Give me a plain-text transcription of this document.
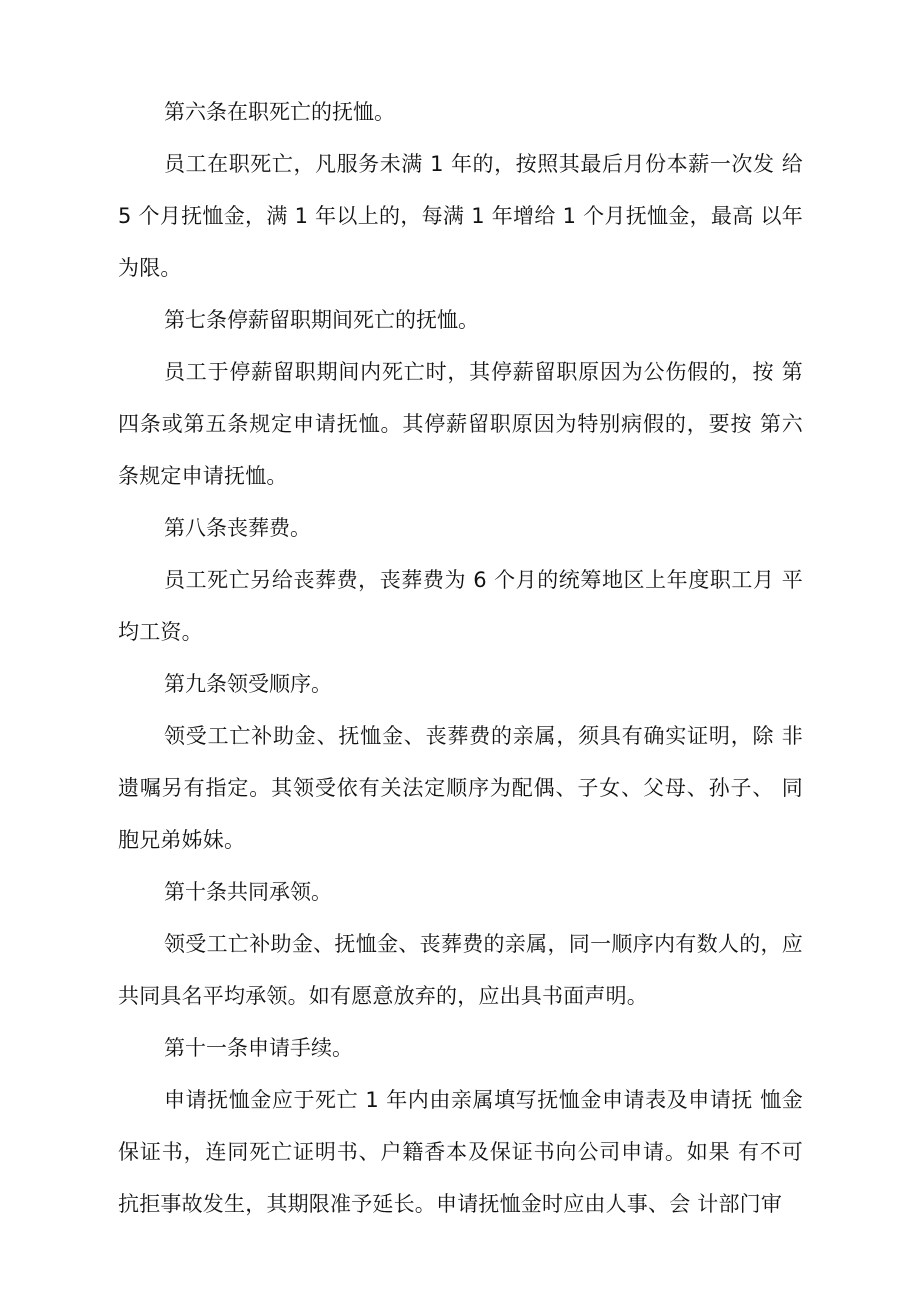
第六条在职死亡的抚恤。

员工在职死亡，凡服务未满 1 年的，按照其最后月份本薪一次发 给5 个月抚恤金，满 1 年以上的，每满 1 年增给 1 个月抚恤金，最高 以年为限。

第七条停薪留职期间死亡的抚恤。

员工于停薪留职期间内死亡时，其停薪留职原因为公伤假的，按 第四条或第五条规定申请抚恤。其停薪留职原因为特别病假的，要按 第六条规定申请抚恤。

第八条丧葬费。

员工死亡另给丧葬费，丧葬费为 6 个月的统筹地区上年度职工月 平均工资。

第九条领受顺序。

领受工亡补助金、抚恤金、丧葬费的亲属，须具有确实证明，除 非遗嘱另有指定。其领受依有关法定顺序为配偶、子女、父母、孙子、 同胞兄弟姊妹。

第十条共同承领。

领受工亡补助金、抚恤金、丧葬费的亲属，同一顺序内有数人的，应共同具名平均承领。如有愿意放弃的，应出具书面声明。

第十一条申请手续。

申请抚恤金应于死亡 1 年内由亲属填写抚恤金申请表及申请抚 恤金保证书，连同死亡证明书、户籍香本及保证书向公司申请。如果 有不可抗拒事故发生，其期限准予延长。申请抚恤金时应由人事、会 计部门审
